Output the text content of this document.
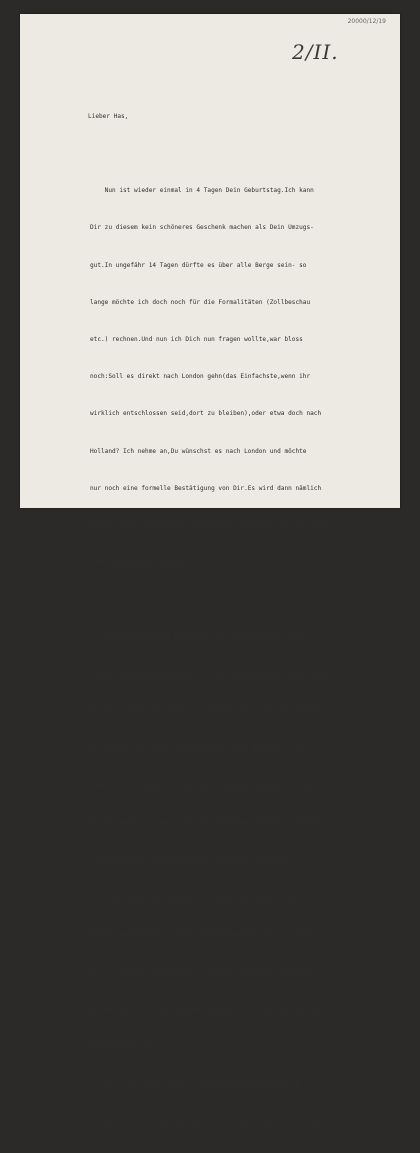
20000/12/19
2/II.

Lieber Has,

Nun ist wieder einmal in 4 Tagen Dein Geburtstag.Ich kann

Dir zu diesem kein schöneres Geschenk machen als Dein Umzugs-

gut.In ungefähr 14 Tagen dürfte es über alle Berge sein- so

lange möchte ich doch noch für die Formalitäten (Zollbeschau

etc.) rechnen.Und nun ich Dich nun fragen wollte,war bloss

noch:Soll es direkt nach London gehn(das Einfachste,wenn ihr

wirklich entschlossen seid,dort zu bleiben),oder etwa doch nach

Holland? Ich nehme an,Du wünschst es nach London und möchte

nur noch eine formelle Bestätigung von Dir.Es wird dann nämlich

gleich für den Seetransport verpackt.Der Transport kann in seiner

Gänze hier gezahlt werden.

Draussen in der Brühl blühen alle Obstbäume.Mein Magno-

libaum hat auch schön geblüht und die Freilandazaleen haben dicke

Knospen.21 Obstbäume sind schon gesetzt auf der Fläche unterhalb

des grossen Springbrunnens.Die Fläche sieht überhaupt imponie-

rend aus:Alles kahl inklusive dem alten Gemüsegarten mit sei-

ner Umrahmung von Gebüsch.Nur meine Bäumchen werden die Fläche

schachbrettartig in Entfernungen von 4 Meter übersiehn.

Alle meine Freunde haben geholfen:Es war ein grosses

Gesträuchverbrennen,Schaufeln,Wassertragen.All das wird auch im

Film zu sehn sein.Hansl,Lotti und Milli haben für sich genau nach

dem Muster der Grossen auch Bäume gesetzt.Mit einem Wort:Es war

überhaupt ein Fest.

Herr Grill macht schon intensive Vorbereitungen zum Einzu-

zug:Der Stall ist ganz neu geweisst und das Gerümpel heraus-ge-
